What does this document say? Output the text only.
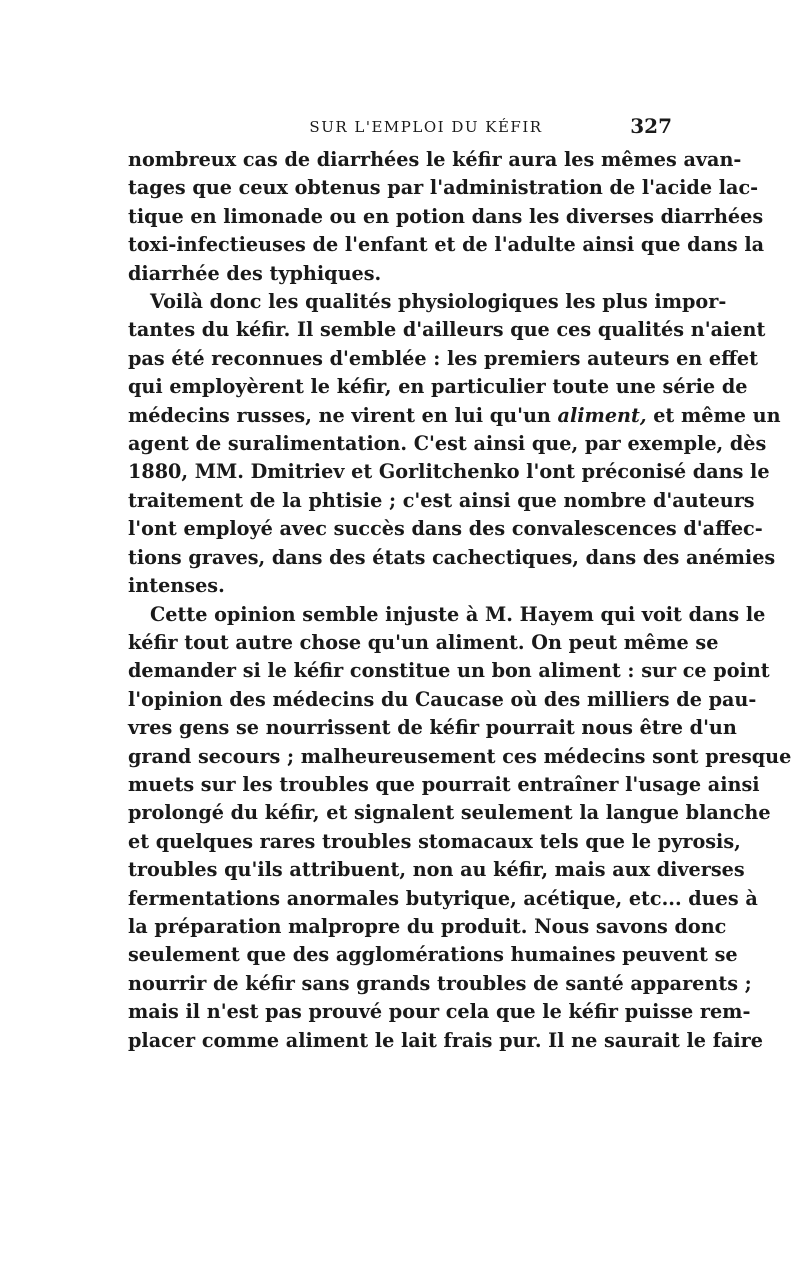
SUR L'EMPLOI DU KÉFIR	327

nombreux cas de diarrhées le kéfir aura les mêmes avan-
tages que ceux obtenus par l'administration de l'acide lac-
tique en limonade ou en potion dans les diverses diarrhées
toxi-infectieuses de l'enfant et de l'adulte ainsi que dans la
diarrhée des typhiques.

Voilà donc les qualités physiologiques les plus impor-
tantes du kéfir. Il semble d'ailleurs que ces qualités n'aient
pas été reconnues d'emblée : les premiers auteurs en effet
qui employèrent le kéfir, en particulier toute une série de
médecins russes, ne virent en lui qu'un aliment, et même un
agent de suralimentation. C'est ainsi que, par exemple, dès
1880, MM. Dmitriev et Gorlitchenko l'ont préconisé dans le
traitement de la phtisie ; c'est ainsi que nombre d'auteurs
l'ont employé avec succès dans des convalescences d'affec-
tions graves, dans des états cachectiques, dans des anémies
intenses.

Cette opinion semble injuste à M. Hayem qui voit dans le
kéfir tout autre chose qu'un aliment. On peut même se
demander si le kéfir constitue un bon aliment : sur ce point
l'opinion des médecins du Caucase où des milliers de pau-
vres gens se nourrissent de kéfir pourrait nous être d'un
grand secours ; malheureusement ces médecins sont presque
muets sur les troubles que pourrait entraîner l'usage ainsi
prolongé du kéfir, et signalent seulement la langue blanche
et quelques rares troubles stomacaux tels que le pyrosis,
troubles qu'ils attribuent, non au kéfir, mais aux diverses
fermentations anormales butyrique, acétique, etc... dues à
la préparation malpropre du produit. Nous savons donc
seulement que des agglomérations humaines peuvent se
nourrir de kéfir sans grands troubles de santé apparents ;
mais il n'est pas prouvé pour cela que le kéfir puisse rem-
placer comme aliment le lait frais pur. Il ne saurait le faire
